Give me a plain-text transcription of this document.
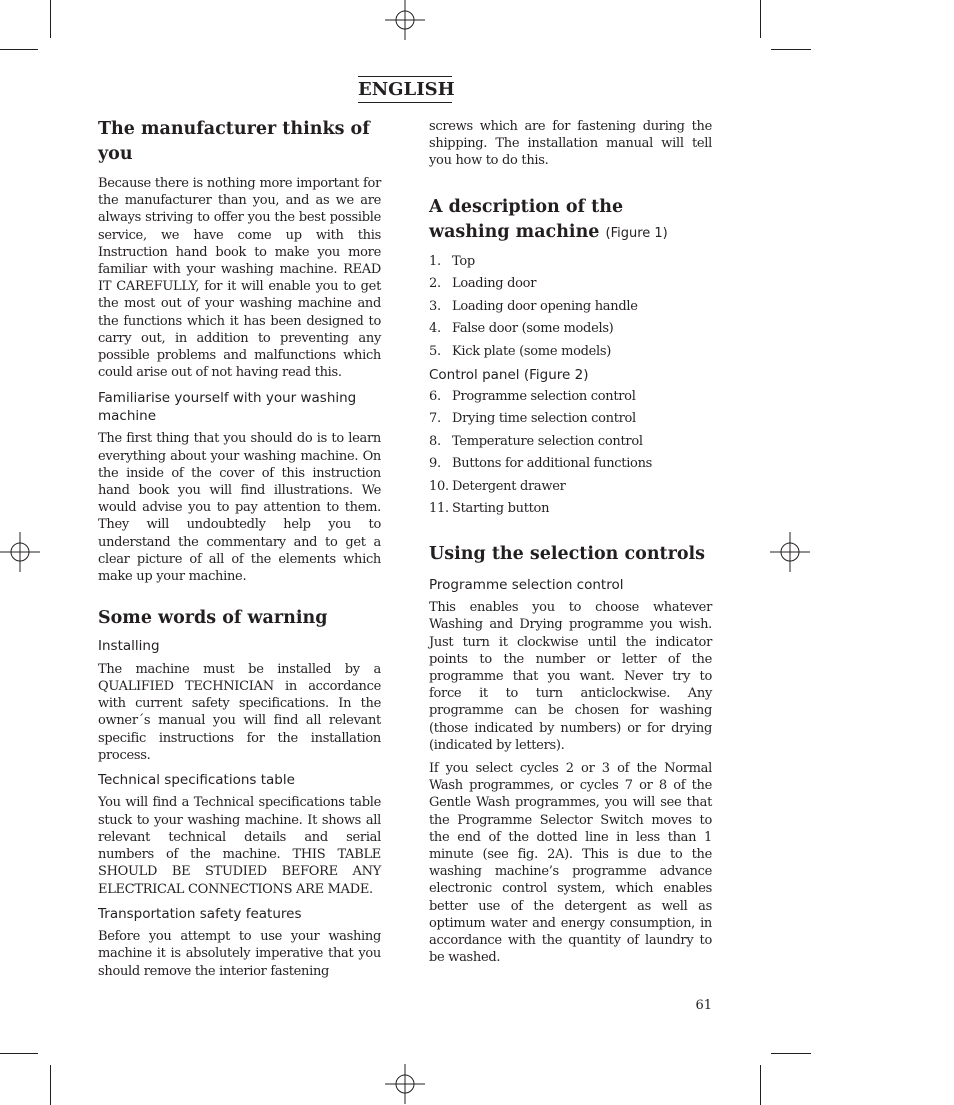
ENGLISH
The manufacturer thinks of you

Because there is nothing more important for the manufacturer than you, and as we are always striving to offer you the best possible service, we have come up with this Instruction hand book to make you more familiar with your washing machine. READ IT CAREFULLY, for it will enable you to get the most out of your washing machine and the functions which it has been designed to carry out, in addition to preventing any possible problems and malfunctions which could arise out of not having read this.

Familiarise yourself with your washing machine

The first thing that you should do is to learn everything about your washing machine. On the inside of the cover of this instruction hand book you will find illustrations. We would advise you to pay attention to them. They will undoubtedly help you to understand the commentary and to get a clear picture of all of the elements which make up your machine.

Some words of warning
Installing

The machine must be installed by a QUALIFIED TECHNICIAN in accordance with current safety specifications. In the owner´s manual you will find all relevant specific instructions for the installation process.

Technical specifications table

You will find a Technical specifications table stuck to your washing machine. It shows all relevant technical details and serial numbers of the machine. THIS TABLE SHOULD BE STUDIED BEFORE ANY ELECTRICAL CONNECTIONS ARE MADE.

Transportation safety features

Before you attempt to use your washing machine it is absolutely imperative that you should remove the interior fastening

screws which are for fastening during the shipping. The installation manual will tell you how to do this.

A description of the
washing machine (Figure 1)
1. Top
2. Loading door
3. Loading door opening handle
4. False door (some models)
5. Kick plate (some models)
Control panel (Figure 2)
6. Programme selection control
7. Drying time selection control
8. Temperature selection control
9. Buttons for additional functions
10. Detergent drawer
11. Starting button
Using the selection controls
Programme selection control

This enables you to choose whatever Washing and Drying programme you wish. Just turn it clockwise until the indicator points to the number or letter of the programme that you want. Never try to force it to turn anticlockwise. Any programme can be chosen for washing (those indicated by numbers) or for drying (indicated by letters).

If you select cycles 2 or 3 of the Normal Wash programmes, or cycles 7 or 8 of the Gentle Wash programmes, you will see that the Programme Selector Switch moves to the end of the dotted line in less than 1 minute (see fig. 2A). This is due to the washing machine’s programme advance electronic control system, which enables better use of the detergent as well as optimum water and energy consumption, in accordance with the quantity of laundry to be washed.

61
